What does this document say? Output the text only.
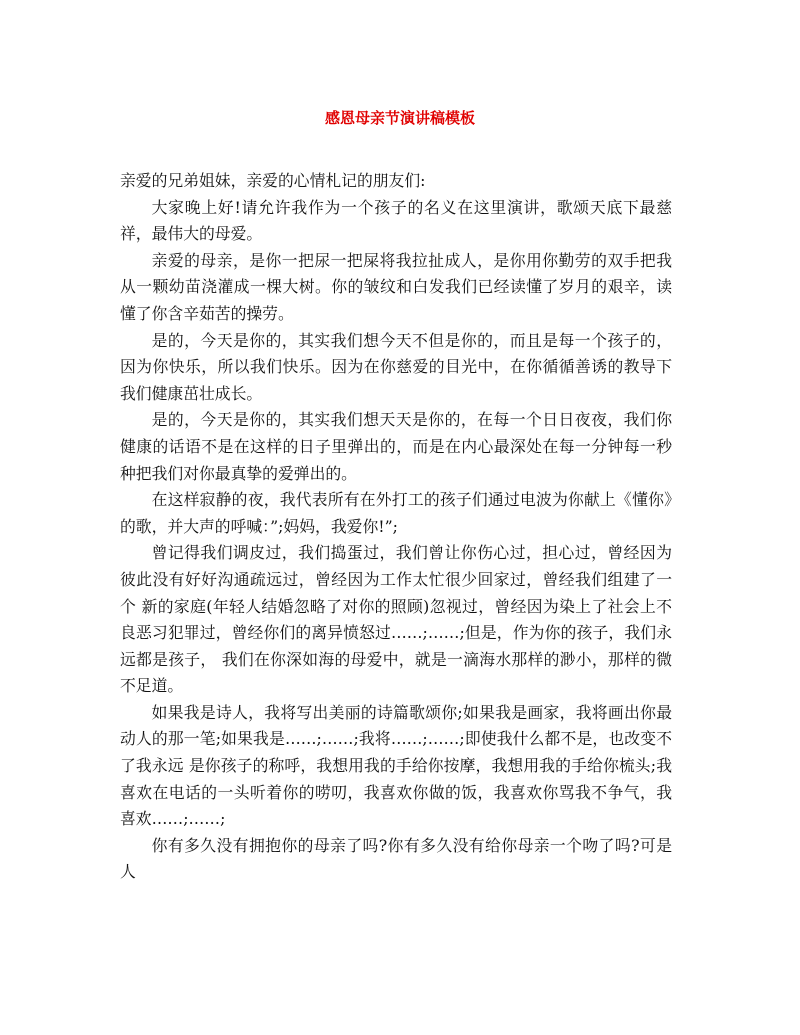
感恩母亲节演讲稿模板

亲爱的兄弟姐妹，亲爱的心情札记的朋友们:

大家晚上好!请允许我作为一个孩子的名义在这里演讲，歌颂天底下最慈祥，最伟大的母爱。

亲爱的母亲，是你一把尿一把屎将我拉扯成人，是你用你勤劳的双手把我从一颗幼苗浇灌成一棵大树。你的皱纹和白发我们已经读懂了岁月的艰辛，读懂了你含辛茹苦的操劳。

是的，今天是你的，其实我们想今天不但是你的，而且是每一个孩子的，因为你快乐，所以我们快乐。因为在你慈爱的目光中，在你循循善诱的教导下我们健康茁壮成长。

是的，今天是你的，其实我们想天天是你的，在每一个日日夜夜，我们你健康的话语不是在这样的日子里弹出的，而是在内心最深处在每一分钟每一秒种把我们对你最真挚的爱弹出的。

在这样寂静的夜，我代表所有在外打工的孩子们通过电波为你献上《懂你》的歌，并大声的呼喊：”;妈妈，我爱你!”;

曾记得我们调皮过，我们捣蛋过，我们曾让你伤心过，担心过，曾经因为彼此没有好好沟通疏远过，曾经因为工作太忙很少回家过，曾经我们组建了一个 新的家庭(年轻人结婚忽略了对你的照顾)忽视过，曾经因为染上了社会上不良恶习犯罪过，曾经你们的离异愤怒过……;……;但是，作为你的孩子，我们永远都是孩子， 我们在你深如海的母爱中，就是一滴海水那样的渺小，那样的微不足道。

如果我是诗人，我将写出美丽的诗篇歌颂你;如果我是画家，我将画出你最动人的那一笔;如果我是……;……;我将……;……;即使我什么都不是，也改变不了我永远 是你孩子的称呼，我想用我的手给你按摩，我想用我的手给你梳头;我喜欢在电话的一头听着你的唠叨，我喜欢你做的饭，我喜欢你骂我不争气，我喜欢……;……;

你有多久没有拥抱你的母亲了吗?你有多久没有给你母亲一个吻了吗?可是人
